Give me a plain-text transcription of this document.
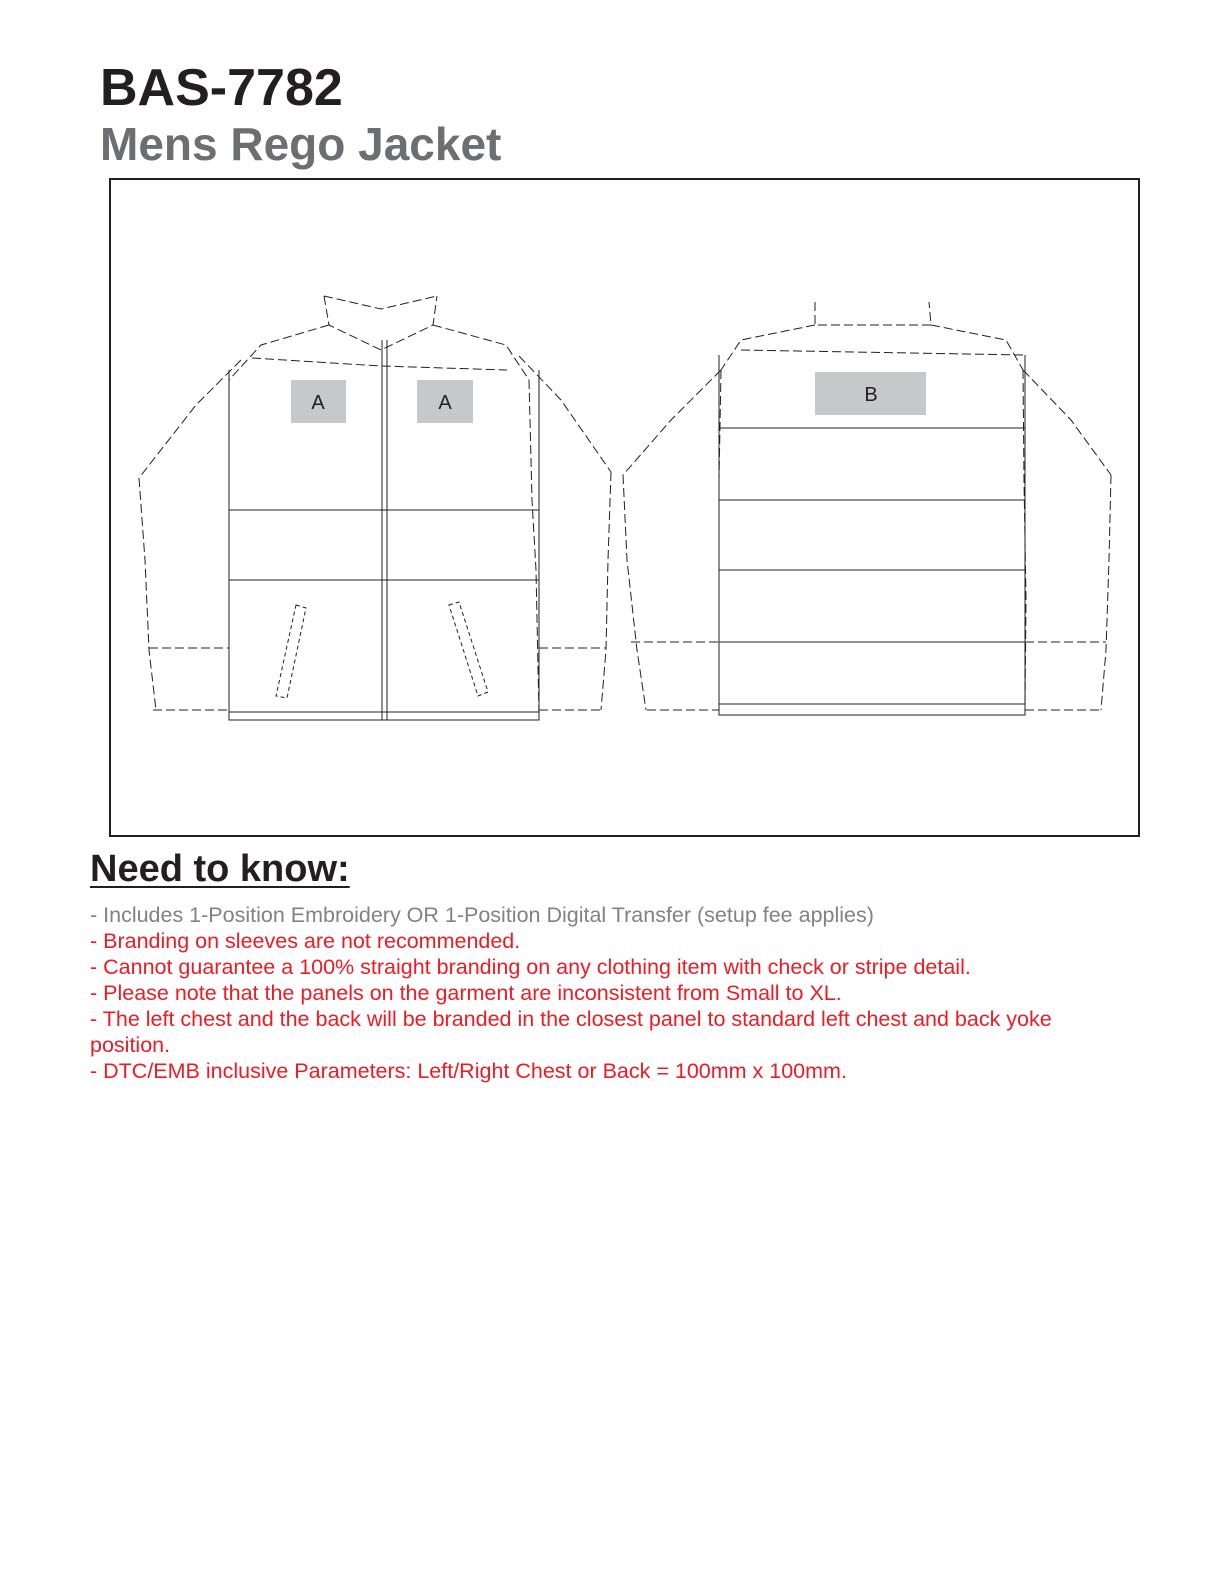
BAS-7782
Mens Rego Jacket
A	A	B
Need to know:
- Includes 1-Position Embroidery OR 1-Position Digital Transfer (setup fee applies)
- Branding on sleeves are not recommended.
- Cannot guarantee a 100% straight branding on any clothing item with check or stripe detail.
- Please note that the panels on the garment are inconsistent from Small to XL.
- The left chest and the back will be branded in the closest panel to standard left chest and back yoke position.
- DTC/EMB inclusive Parameters: Left/Right Chest or Back = 100mm x 100mm.
